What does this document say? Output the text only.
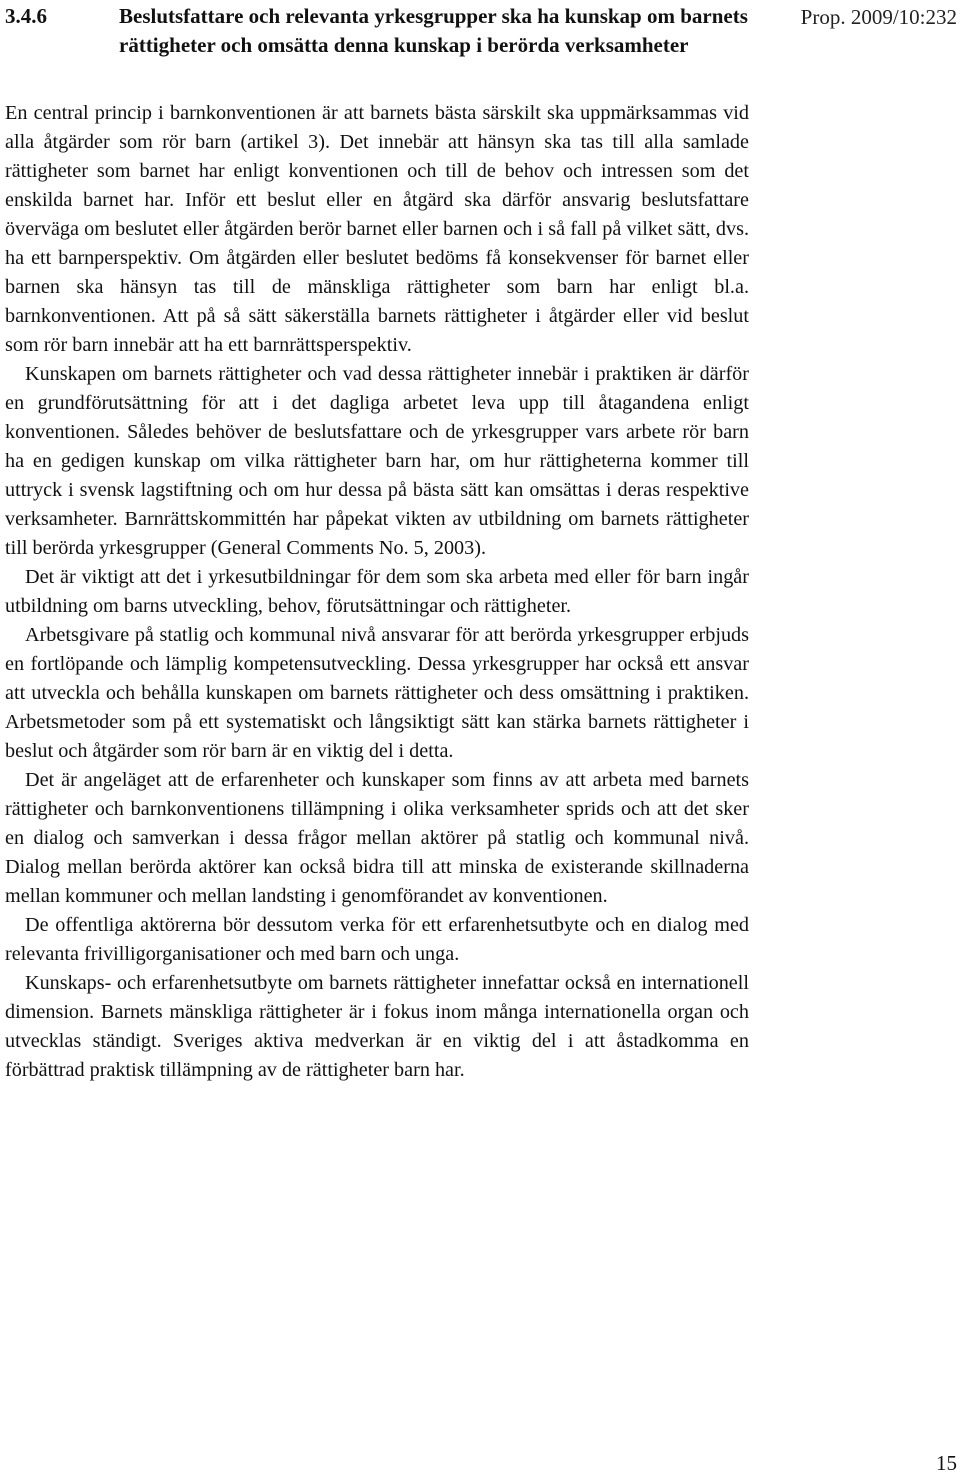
3.4.6	Beslutsfattare och relevanta yrkesgrupper ska ha kunskap om barnets rättigheter och omsätta denna kunskap i berörda verksamheter
Prop. 2009/10:232

En central princip i barnkonventionen är att barnets bästa särskilt ska uppmärksammas vid alla åtgärder som rör barn (artikel 3). Det innebär att hänsyn ska tas till alla samlade rättigheter som barnet har enligt konventionen och till de behov och intressen som det enskilda barnet har. Inför ett beslut eller en åtgärd ska därför ansvarig beslutsfattare överväga om beslutet eller åtgärden berör barnet eller barnen och i så fall på vilket sätt, dvs. ha ett barnperspektiv. Om åtgärden eller beslutet bedöms få konsekvenser för barnet eller barnen ska hänsyn tas till de mänskliga rättigheter som barn har enligt bl.a. barnkonventionen. Att på så sätt säkerställa barnets rättigheter i åtgärder eller vid beslut som rör barn innebär att ha ett barnrättsperspektiv.

Kunskapen om barnets rättigheter och vad dessa rättigheter innebär i praktiken är därför en grundförutsättning för att i det dagliga arbetet leva upp till åtagandena enligt konventionen. Således behöver de beslutsfattare och de yrkesgrupper vars arbete rör barn ha en gedigen kunskap om vilka rättigheter barn har, om hur rättigheterna kommer till uttryck i svensk lagstiftning och om hur dessa på bästa sätt kan omsättas i deras respektive verksamheter. Barnrättskommittén har påpekat vikten av utbildning om barnets rättigheter till berörda yrkesgrupper (General Comments No. 5, 2003).

Det är viktigt att det i yrkesutbildningar för dem som ska arbeta med eller för barn ingår utbildning om barns utveckling, behov, förutsättningar och rättigheter.

Arbetsgivare på statlig och kommunal nivå ansvarar för att berörda yrkesgrupper erbjuds en fortlöpande och lämplig kompetensutveckling. Dessa yrkesgrupper har också ett ansvar att utveckla och behålla kunskapen om barnets rättigheter och dess omsättning i praktiken. Arbetsmetoder som på ett systematiskt och långsiktigt sätt kan stärka barnets rättigheter i beslut och åtgärder som rör barn är en viktig del i detta.

Det är angeläget att de erfarenheter och kunskaper som finns av att arbeta med barnets rättigheter och barnkonventionens tillämpning i olika verksamheter sprids och att det sker en dialog och samverkan i dessa frågor mellan aktörer på statlig och kommunal nivå. Dialog mellan berörda aktörer kan också bidra till att minska de existerande skillnaderna mellan kommuner och mellan landsting i genomförandet av konventionen.

De offentliga aktörerna bör dessutom verka för ett erfarenhetsutbyte och en dialog med relevanta frivilligorganisationer och med barn och unga.

Kunskaps- och erfarenhetsutbyte om barnets rättigheter innefattar också en internationell dimension. Barnets mänskliga rättigheter är i fokus inom många internationella organ och utvecklas ständigt. Sveriges aktiva medverkan är en viktig del i att åstadkomma en förbättrad praktisk tillämpning av de rättigheter barn har.

15
